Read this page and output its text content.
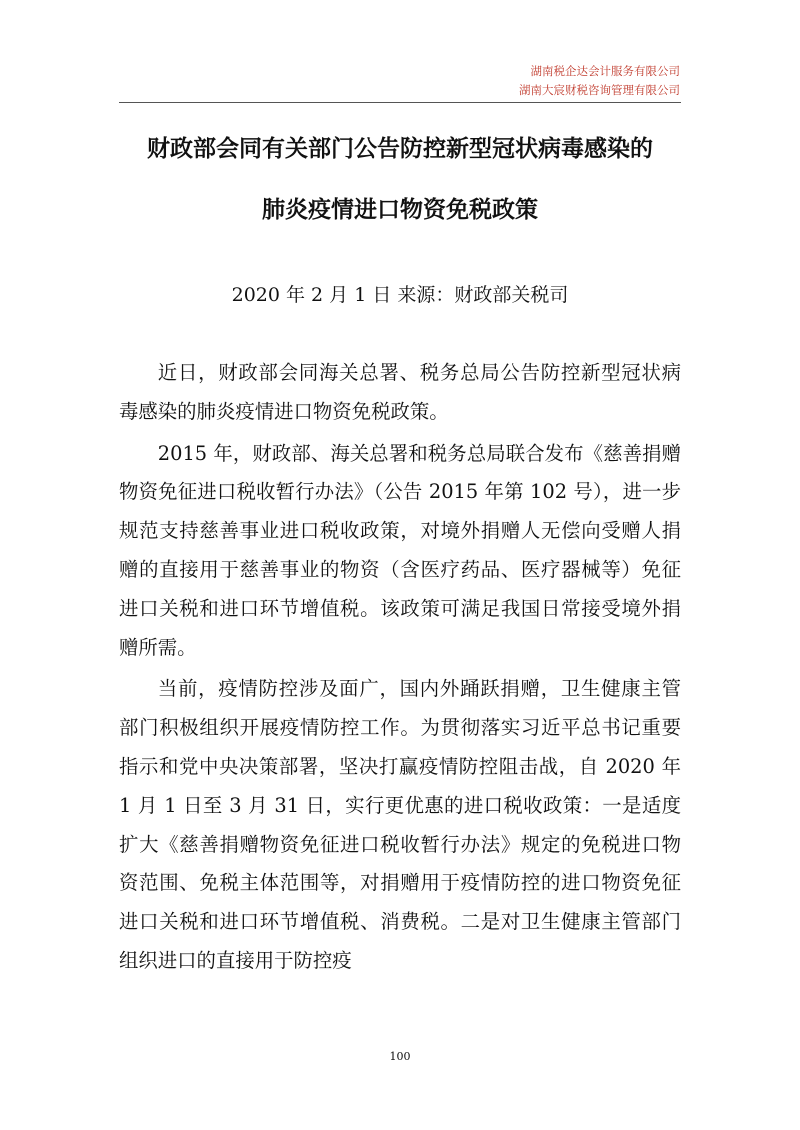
湖南税企达会计服务有限公司
湖南大宸财税咨询管理有限公司
财政部会同有关部门公告防控新型冠状病毒感染的
肺炎疫情进口物资免税政策
2020 年 2 月 1 日 来源：财政部关税司

近日，财政部会同海关总署、税务总局公告防控新型冠状病毒感染的肺炎疫情进口物资免税政策。

2015 年，财政部、海关总署和税务总局联合发布《慈善捐赠物资免征进口税收暂行办法》（公告 2015 年第 102 号），进一步规范支持慈善事业进口税收政策，对境外捐赠人无偿向受赠人捐赠的直接用于慈善事业的物资（含医疗药品、医疗器械等）免征进口关税和进口环节增值税。该政策可满足我国日常接受境外捐赠所需。

当前，疫情防控涉及面广，国内外踊跃捐赠，卫生健康主管部门积极组织开展疫情防控工作。为贯彻落实习近平总书记重要指示和党中央决策部署，坚决打赢疫情防控阻击战，自 2020 年 1 月 1 日至 3 月 31 日，实行更优惠的进口税收政策：一是适度扩大《慈善捐赠物资免征进口税收暂行办法》规定的免税进口物资范围、免税主体范围等，对捐赠用于疫情防控的进口物资免征进口关税和进口环节增值税、消费税。二是对卫生健康主管部门组织进口的直接用于防控疫

100
